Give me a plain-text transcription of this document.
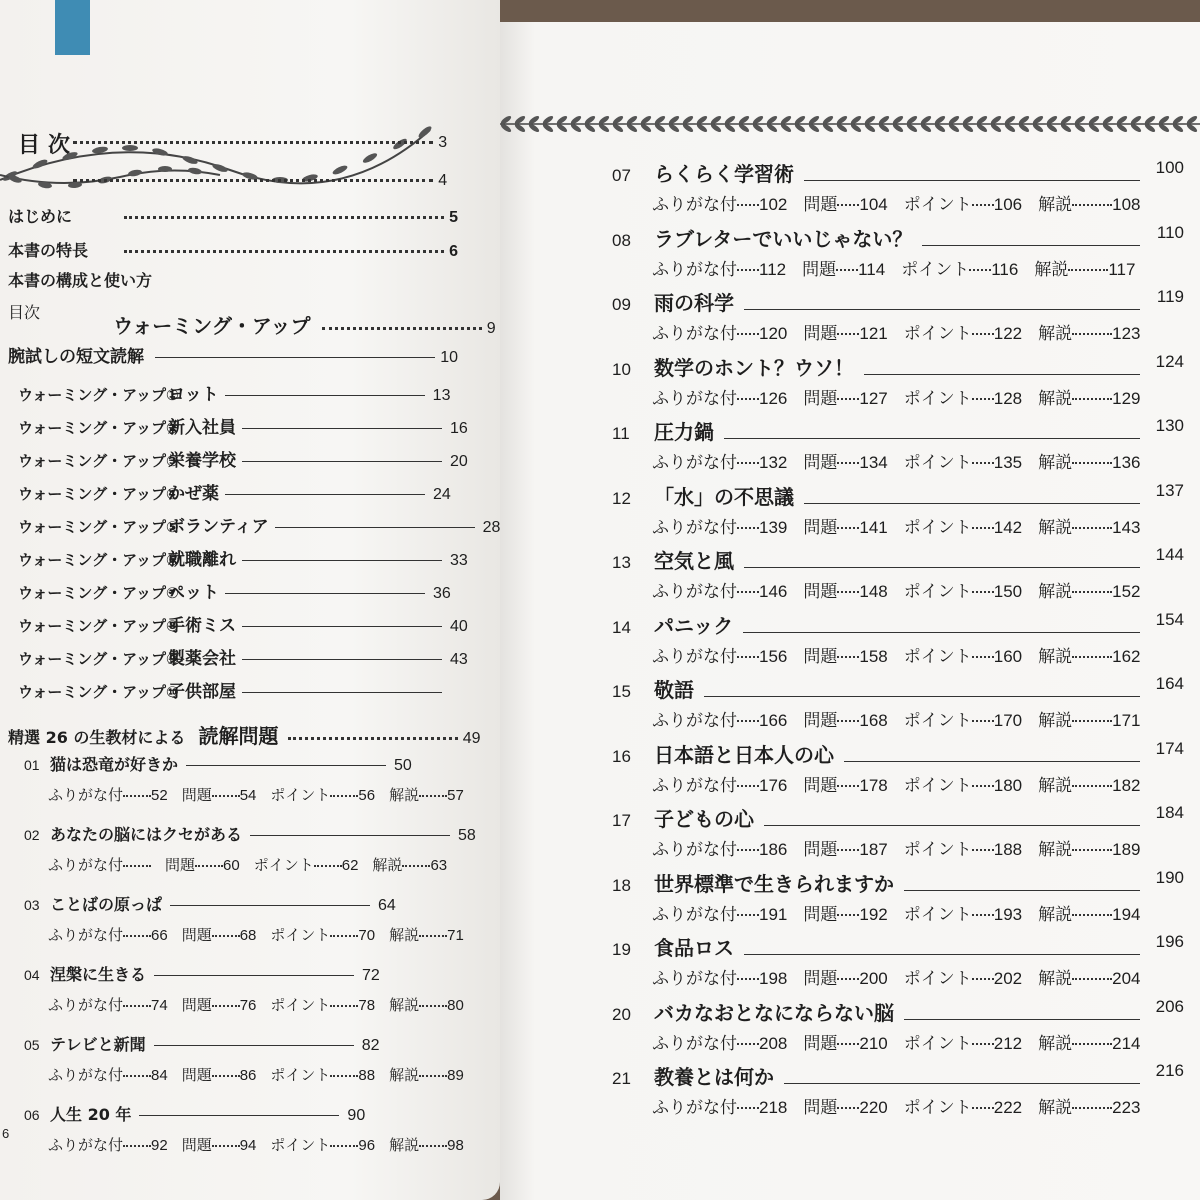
目次	3
4
はじめに	5
本書の特長	6
本書の構成と使い方
目次
ウォーミング・アップ	9
腕試しの短文読解	10
ウォーミング・アップ①ヨット	13
ウォーミング・アップ②新入社員	16
ウォーミング・アップ③栄養学校	20
ウォーミング・アップ④かぜ薬	24
ウォーミング・アップ⑤ボランティア	28
ウォーミング・アップ⑥就職離れ	33
ウォーミング・アップ⑦ペット	36
ウォーミング・アップ⑧手術ミス	40
ウォーミング・アップ⑨製薬会社	43
ウォーミング・アップ⑩子供部屋
精選 26 の生教材による 読解問題	49
01 猫は恐竜が好きか	50
ふりがな付 52 問題 54 ポイント 56 解説 57
02 あなたの脳にはクセがある	58
ふりがな付	問題 60 ポイント 62 解説 63
03 ことばの原っぱ	64
ふりがな付 66 問題 68 ポイント 70 解説 71
04 涅槃に生きる	72
ふりがな付 74 問題 76 ポイント 78 解説 80
05 テレビと新聞	82
ふりがな付 84 問題 86 ポイント 88 解説 89
06 人生 20 年	90
ふりがな付 92 問題 94 ポイント 96 解説 98
6
07 らくらく学習術	100
ふりがな付 102 問題 104 ポイント 106 解説 108
08 ラブレターでいいじゃない？	110
ふりがな付 112 問題 114 ポイント 116 解説 117
09 雨の科学	119
ふりがな付 120 問題 121 ポイント 122 解説 123
10 数学のホント？ウソ！	124
ふりがな付 126 問題 127 ポイント 128 解説 129
11 圧力鍋	130
ふりがな付 132 問題 134 ポイント 135 解説 136
12 「水」の不思議	137
ふりがな付 139 問題 141 ポイント 142 解説 143
13 空気と風	144
ふりがな付 146 問題 148 ポイント 150 解説 152
14 パニック	154
ふりがな付 156 問題 158 ポイント 160 解説 162
15 敬語	164
ふりがな付 166 問題 168 ポイント 170 解説 171
16 日本語と日本人の心	174
ふりがな付 176 問題 178 ポイント 180 解説 182
17 子どもの心	184
ふりがな付 186 問題 187 ポイント 188 解説 189
18 世界標準で生きられますか	190
ふりがな付 191 問題 192 ポイント 193 解説 194
19 食品ロス	196
ふりがな付 198 問題 200 ポイント 202 解説 204
20 バカなおとなにならない脳	206
ふりがな付 208 問題 210 ポイント 212 解説 214
21 教養とは何か	216
ふりがな付 218 問題 220 ポイント 222 解説 223
